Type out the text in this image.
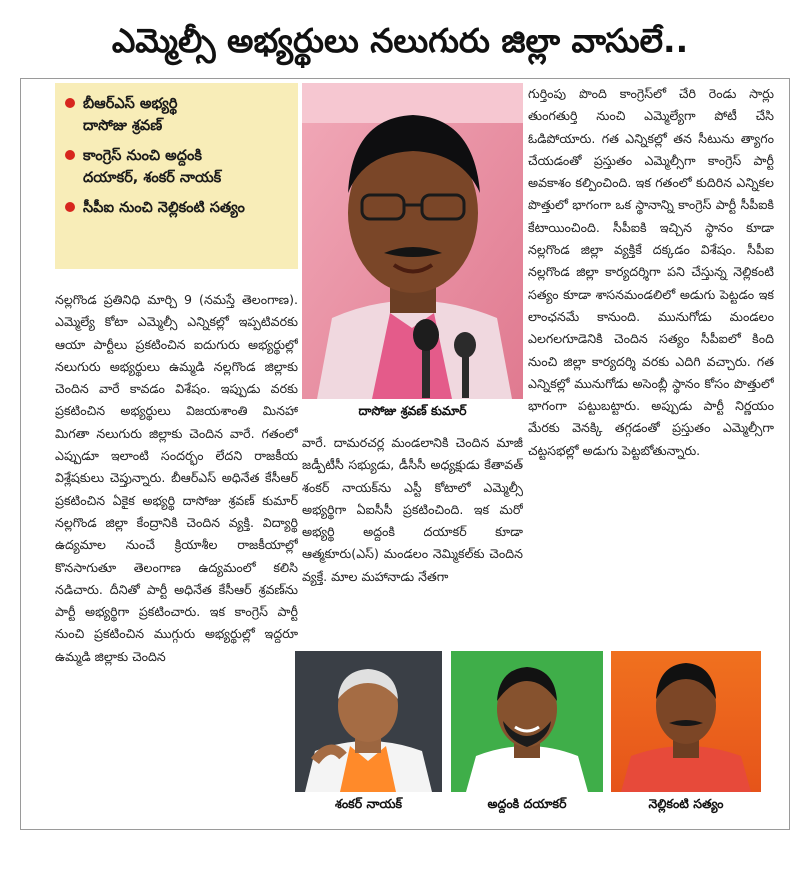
ఎమ్మెల్సీ అభ్యర్థులు నలుగురు జిల్లా వాసులే..
బీఆర్ఎస్ అభ్యర్థి
దాసోజు శ్రవణ్
కాంగ్రెస్ నుంచి అద్దంకి
దయాకర్, శంకర్ నాయక్
సీపీఐ నుంచి నెల్లికంటి సత్యం

నల్లగొండ ప్రతినిధి మార్చి 9 (నమస్తే తెలంగాణ). ఎమ్మెల్యే కోటా ఎమ్మెల్సీ ఎన్నికల్లో ఇప్పటివరకు ఆయా పార్టీలు ప్రకటించిన ఐదుగురు అభ్యర్థుల్లో నలుగురు అభ్యర్థులు ఉమ్మడి నల్లగొండ జిల్లాకు చెందిన వారే కావడం విశేషం. ఇప్పుడు వరకు ప్రకటించిన అభ్యర్థులు విజయశాంతి మినహా మిగతా నలుగురు జిల్లాకు చెందిన వారే. గతంలో ఎప్పుడూ ఇలాంటి సందర్భం లేదని రాజకీయ విశ్లేషకులు చెప్తున్నారు. బీఆర్ఎస్ అధినేత కేసీఆర్ ప్రకటించిన ఏకైక అభ్యర్థి దాసోజు శ్రవణ్ కుమార్ నల్లగొండ జిల్లా కేంద్రానికి చెందిన వ్యక్తి. విద్యార్థి ఉద్యమాల నుంచే క్రియాశీల రాజకీయాల్లో కొనసాగుతూ తెలంగాణ ఉద్యమంలో కలిసి నడిచారు. దీనితో పార్టీ అధినేత కేసీఆర్ శ్రవణ్‌ను పార్టీ అభ్యర్థిగా ప్రకటించారు. ఇక కాంగ్రెస్ పార్టీ నుంచి ప్రకటించిన ముగ్గురు అభ్యర్థుల్లో ఇద్దరూ ఉమ్మడి జిల్లాకు చెందిన

దాసోజు శ్రవణ్ కుమార్

వారే. దామరచర్ల మండలానికి చెందిన మాజీ జడ్పీటీసీ సభ్యుడు, డీసీసీ అధ్యక్షుడు కేతావత్ శంకర్ నాయక్‌ను ఎస్టీ కోటాలో ఎమ్మెల్సీ అభ్యర్థిగా ఏఐసీసీ ప్రకటించింది. ఇక మరో అభ్యర్థి అద్దంకి దయాకర్ కూడా ఆత్మకూరు(ఎస్) మండలం నెమ్మికల్‌కు చెందిన వ్యక్తే. మాల మహానాడు నేతగా

గుర్తింపు పొంది కాంగ్రెస్‌లో చేరి రెండు సార్లు తుంగతుర్తి నుంచి ఎమ్మెల్యేగా పోటీ చేసి ఓడిపోయారు. గత ఎన్నికల్లో తన సీటును త్యాగం చేయడంతో ప్రస్తుతం ఎమ్మెల్సీగా కాంగ్రెస్ పార్టీ అవకాశం కల్పించింది. ఇక గతంలో కుదిరిన ఎన్నికల పొత్తులో భాగంగా ఒక స్థానాన్ని కాంగ్రెస్ పార్టీ సీపీఐకి కేటాయించింది. సీపీఐకి ఇచ్చిన స్థానం కూడా నల్లగొండ జిల్లా వ్యక్తికే దక్కడం విశేషం. సీపీఐ నల్లగొండ జిల్లా కార్యదర్శిగా పని చేస్తున్న నెల్లికంటి సత్యం కూడా శాసనమండలిలో అడుగు పెట్టడం ఇక లాంఛనమే కానుంది. మునుగోడు మండలం ఎలగలగూడెనికి చెందిన సత్యం సీపీఐలో కింది నుంచి జిల్లా కార్యదర్శి వరకు ఎదిగి వచ్చారు. గత ఎన్నికల్లో మునుగోడు అసెంబ్లీ స్థానం కోసం పొత్తులో భాగంగా పట్టుబట్టారు. అప్పుడు పార్టీ నిర్ణయం మేరకు వెనక్కి తగ్గడంతో ప్రస్తుతం ఎమ్మెల్సీగా చట్టసభల్లో అడుగు పెట్టబోతున్నారు.

శంకర్ నాయక్	అద్దంకి దయాకర్	నెల్లికంటి సత్యం
